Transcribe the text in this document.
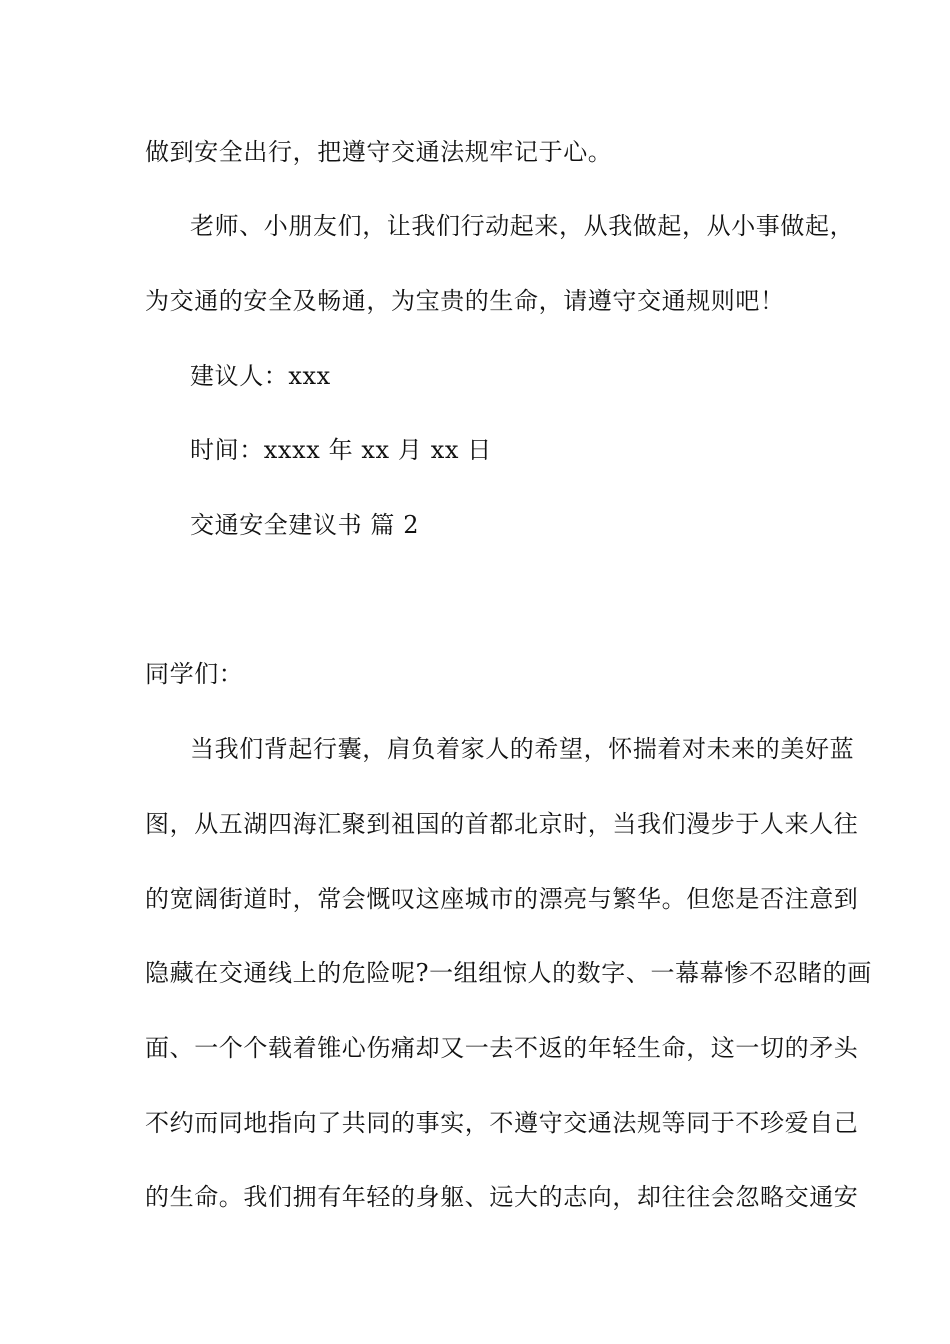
做到安全出行，把遵守交通法规牢记于心。
老师、小朋友们，让我们行动起来，从我做起，从小事做起，
为交通的安全及畅通，为宝贵的生命，请遵守交通规则吧！
建议人：xxx
时间：xxxx 年 xx 月 xx 日
交通安全建议书 篇 2
同学们：
当我们背起行囊，肩负着家人的希望，怀揣着对未来的美好蓝
图，从五湖四海汇聚到祖国的首都北京时，当我们漫步于人来人往
的宽阔街道时，常会慨叹这座城市的漂亮与繁华。但您是否注意到
隐藏在交通线上的危险呢?一组组惊人的数字、一幕幕惨不忍睹的画
面、一个个载着锥心伤痛却又一去不返的年轻生命，这一切的矛头
不约而同地指向了共同的事实，不遵守交通法规等同于不珍爱自己
的生命。我们拥有年轻的身躯、远大的志向，却往往会忽略交通安
